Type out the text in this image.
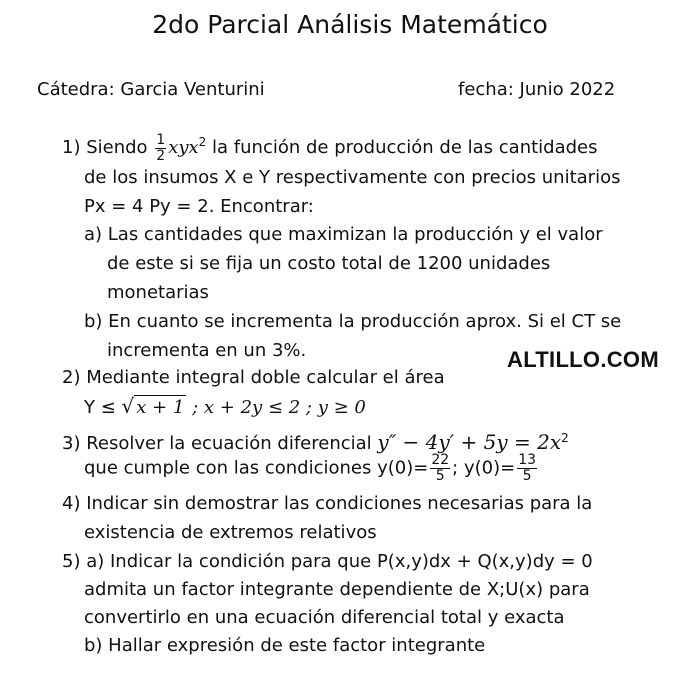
2do Parcial Análisis Matemático
Cátedra: Garcia Venturini	fecha: Junio 2022
1) Siendo $\frac{1}{2} xyx^2$ la función de producción de las cantidades
de los insumos X e Y respectivamente con precios unitarios
Px = 4 Py = 2. Encontrar:
a) Las cantidades que maximizan la producción y el valor
de este si se fija un costo total de 1200 unidades
monetarias
b) En cuanto se incrementa la producción aprox. Si el CT se
incrementa en un 3%.	ALTILLO.COM
2) Mediante integral doble calcular el área
Y ≤ √ x + 1 ; x + 2y ≤ 2 ; y ≥ 0
3) Resolver la ecuación diferencial $y'' - 4y' + 5y = 2x^2$
que cumple con las condiciones $y(0)= \frac{22}{5}$ ; $y(0)= \frac{13}{5}$
4) Indicar sin demostrar las condiciones necesarias para la
existencia de extremos relativos
5) a) Indicar la condición para que P(x,y)dx + Q(x,y)dy = 0
admita un factor integrante dependiente de X;U(x) para
convertirlo en una ecuación diferencial total y exacta
b) Hallar expresión de este factor integrante
